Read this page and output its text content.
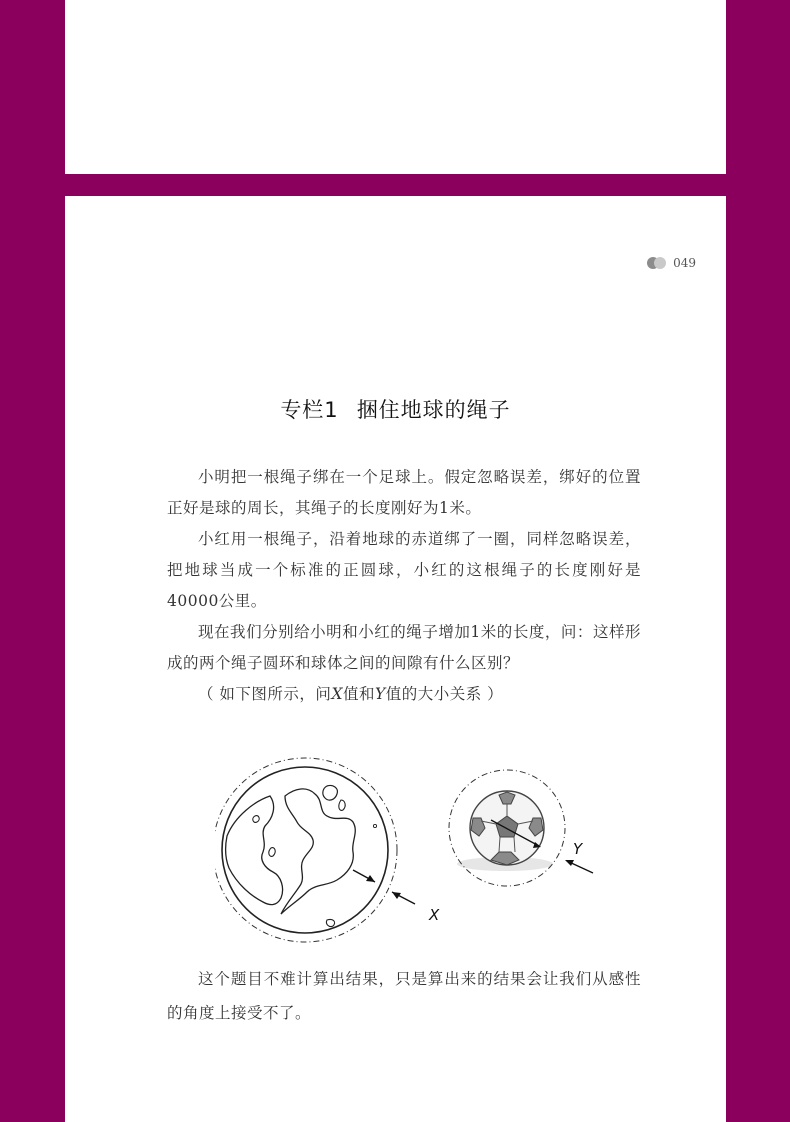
049
专栏1 捆住地球的绳子

小明把一根绳子绑在一个足球上。假定忽略误差，绑好的位置正好是球的周长，其绳子的长度刚好为1米。

小红用一根绳子，沿着地球的赤道绑了一圈，同样忽略误差，把地球当成一个标准的正圆球，小红的这根绳子的长度刚好是40000公里。

现在我们分别给小明和小红的绳子增加1米的长度，问：这样形成的两个绳子圆环和球体之间的间隙有什么区别？

（ 如下图所示，问X值和Y值的大小关系 ）

X
Y

这个题目不难计算出结果，只是算出来的结果会让我们从感性的角度上接受不了。
